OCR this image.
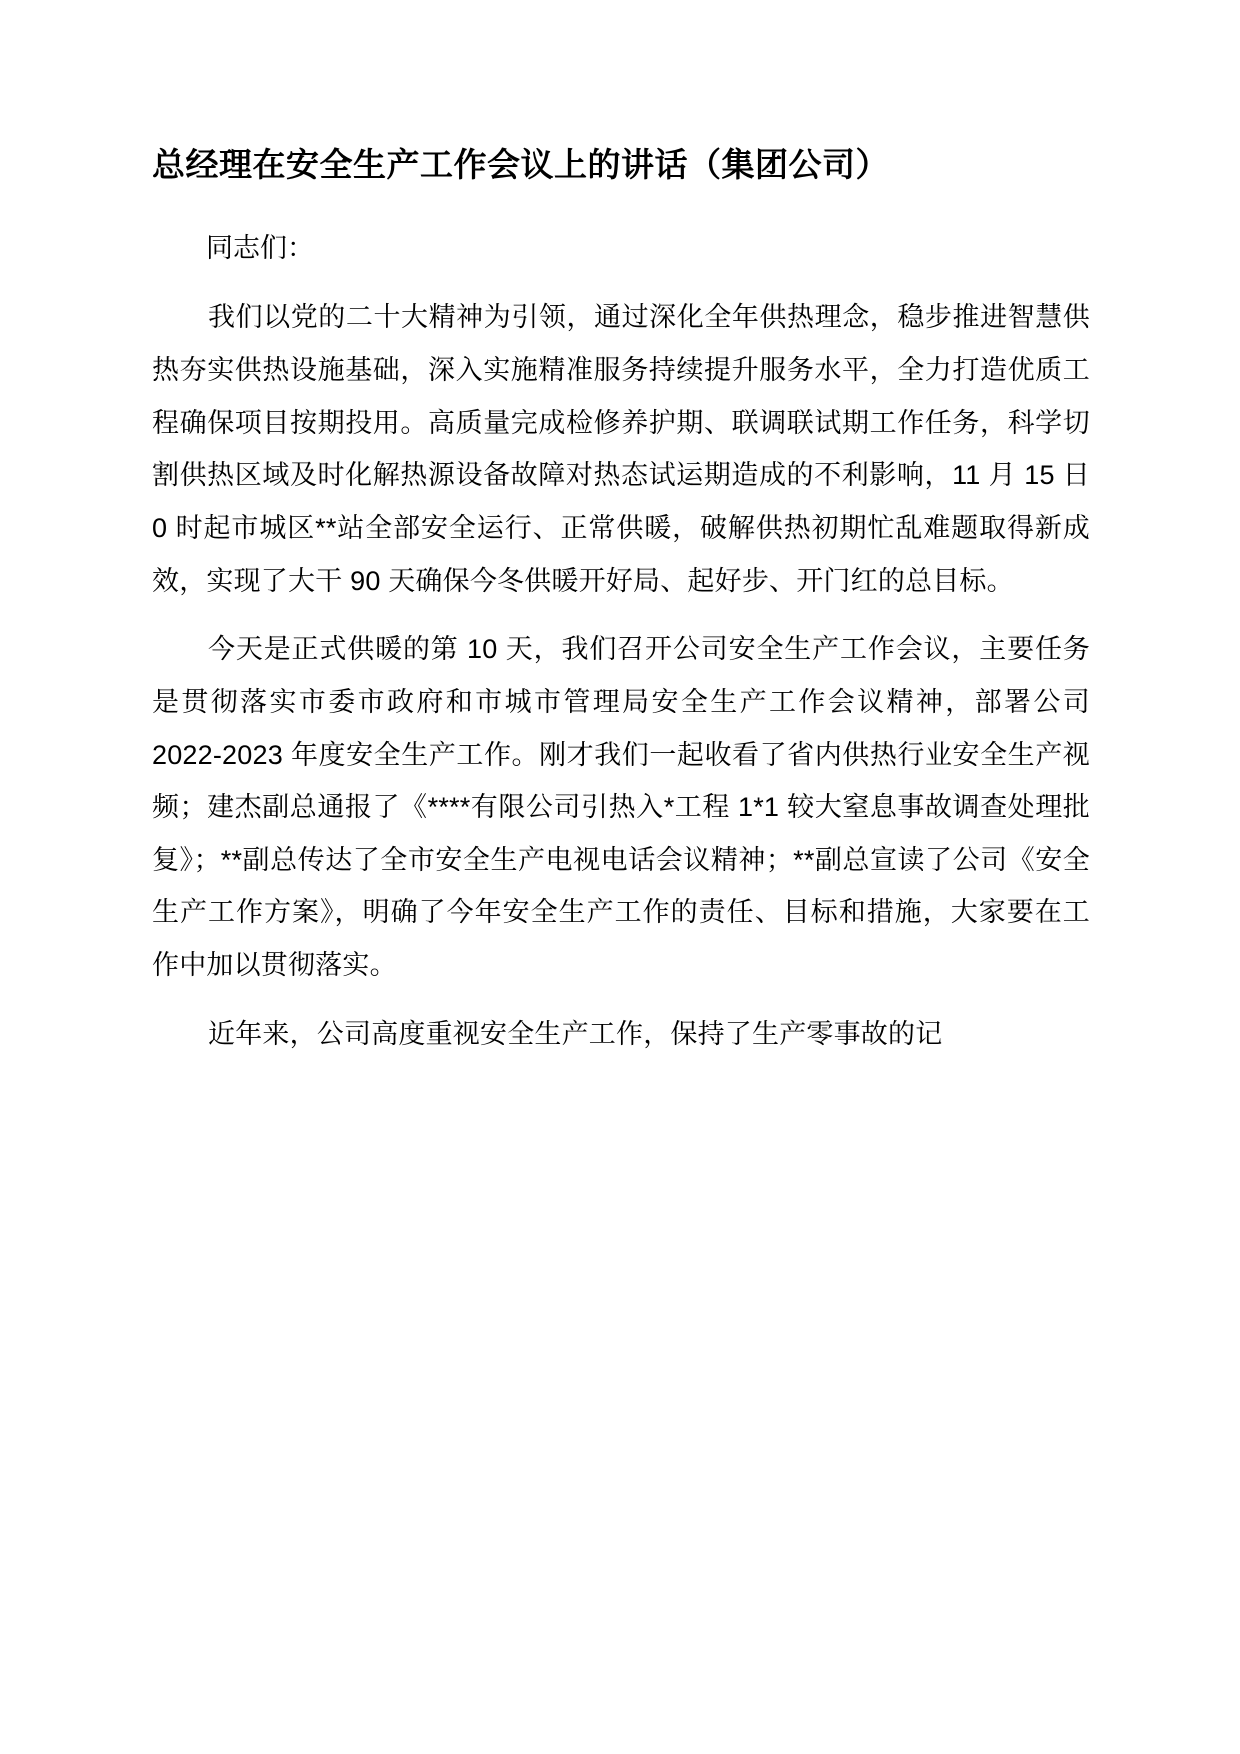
总经理在安全生产工作会议上的讲话（集团公司）

同志们：

我们以党的二十大精神为引领，通过深化全年供热理念，稳步推进智慧供热夯实供热设施基础，深入实施精准服务持续提升服务水平，全力打造优质工程确保项目按期投用。高质量完成检修养护期、联调联试期工作任务，科学切割供热区域及时化解热源设备故障对热态试运期造成的不利影响，11 月 15 日 0 时起市城区**站全部安全运行、正常供暖，破解供热初期忙乱难题取得新成效，实现了大干 90 天确保今冬供暖开好局、起好步、开门红的总目标。

今天是正式供暖的第 10 天，我们召开公司安全生产工作会议，主要任务是贯彻落实市委市政府和市城市管理局安全生产工作会议精神，部署公司 2022-2023 年度安全生产工作。刚才我们一起收看了省内供热行业安全生产视频；建杰副总通报了《****有限公司引热入*工程 1*1 较大窒息事故调查处理批复》；**副总传达了全市安全生产电视电话会议精神；**副总宣读了公司《安全生产工作方案》，明确了今年安全生产工作的责任、目标和措施，大家要在工作中加以贯彻落实。

近年来，公司高度重视安全生产工作，保持了生产零事故的记
